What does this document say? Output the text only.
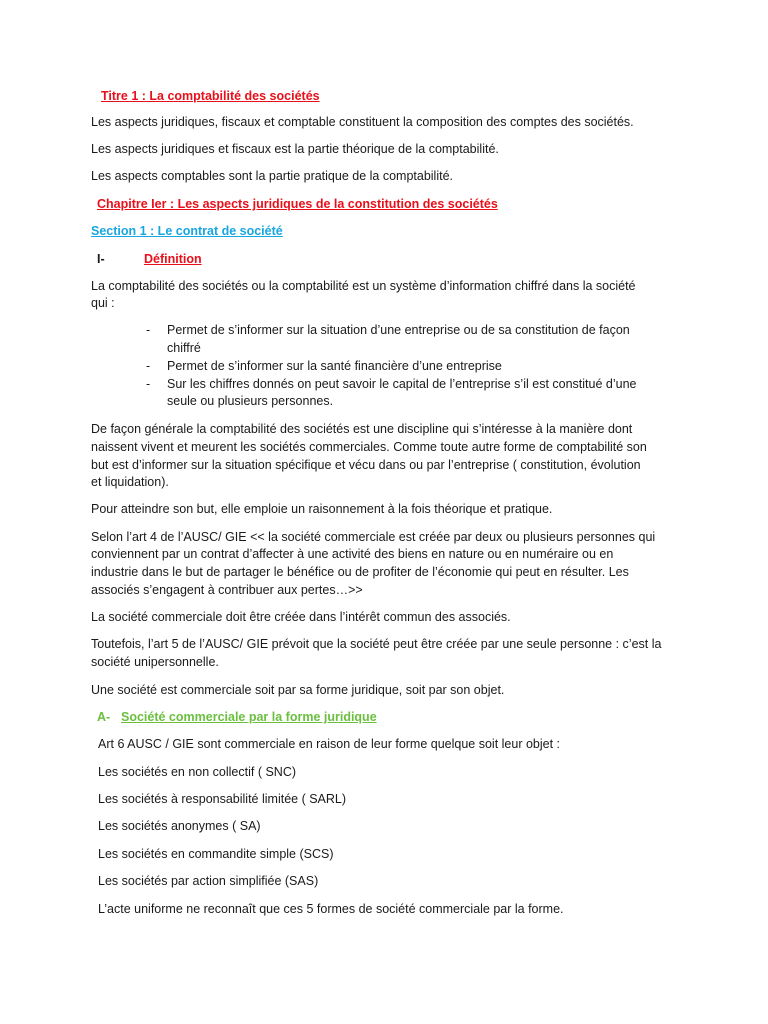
Titre 1 : La comptabilité des sociétés
Les aspects juridiques, fiscaux et comptable constituent la composition des comptes des sociétés.
Les aspects juridiques et fiscaux est la partie théorique de la comptabilité.
Les aspects comptables sont la partie pratique de la comptabilité.
Chapitre Ier : Les aspects juridiques de la constitution des sociétés
Section 1 : Le contrat de société
I-	Définition
La comptabilité des sociétés ou la comptabilité est un système d’information chiffré dans la société
qui :
- Permet de s’informer sur la situation d’une entreprise ou de sa constitution de façon
chiffré
- Permet de s’informer sur la santé financière d’une entreprise
- Sur les chiffres donnés on peut savoir le capital de l’entreprise s’il est constitué d’une
seule ou plusieurs personnes.
De façon générale la comptabilité des sociétés est une discipline qui s’intéresse à la manière dont
naissent vivent et meurent les sociétés commerciales. Comme toute autre forme de comptabilité son
but est d’informer sur la situation spécifique et vécu dans ou par l’entreprise ( constitution, évolution
et liquidation).
Pour atteindre son but, elle emploie un raisonnement à la fois théorique et pratique.
Selon l’art 4 de l’AUSC/ GIE << la société commerciale est créée par deux ou plusieurs personnes qui
conviennent par un contrat d’affecter à une activité des biens en nature ou en numéraire ou en
industrie dans le but de partager le bénéfice ou de profiter de l’économie qui peut en résulter. Les
associés s’engagent à contribuer aux pertes…>>
La société commerciale doit être créée dans l’intérêt commun des associés.
Toutefois, l’art 5 de l’AUSC/ GIE prévoit que la société peut être créée par une seule personne : c’est la
société unipersonnelle.
Une société est commerciale soit par sa forme juridique, soit par son objet.
A- Société commerciale par la forme juridique
Art 6 AUSC / GIE sont commerciale en raison de leur forme quelque soit leur objet :
Les sociétés en non collectif ( SNC)
Les sociétés à responsabilité limitée ( SARL)
Les sociétés anonymes ( SA)
Les sociétés en commandite simple (SCS)
Les sociétés par action simplifiée (SAS)
L’acte uniforme ne reconnaît que ces 5 formes de société commerciale par la forme.
